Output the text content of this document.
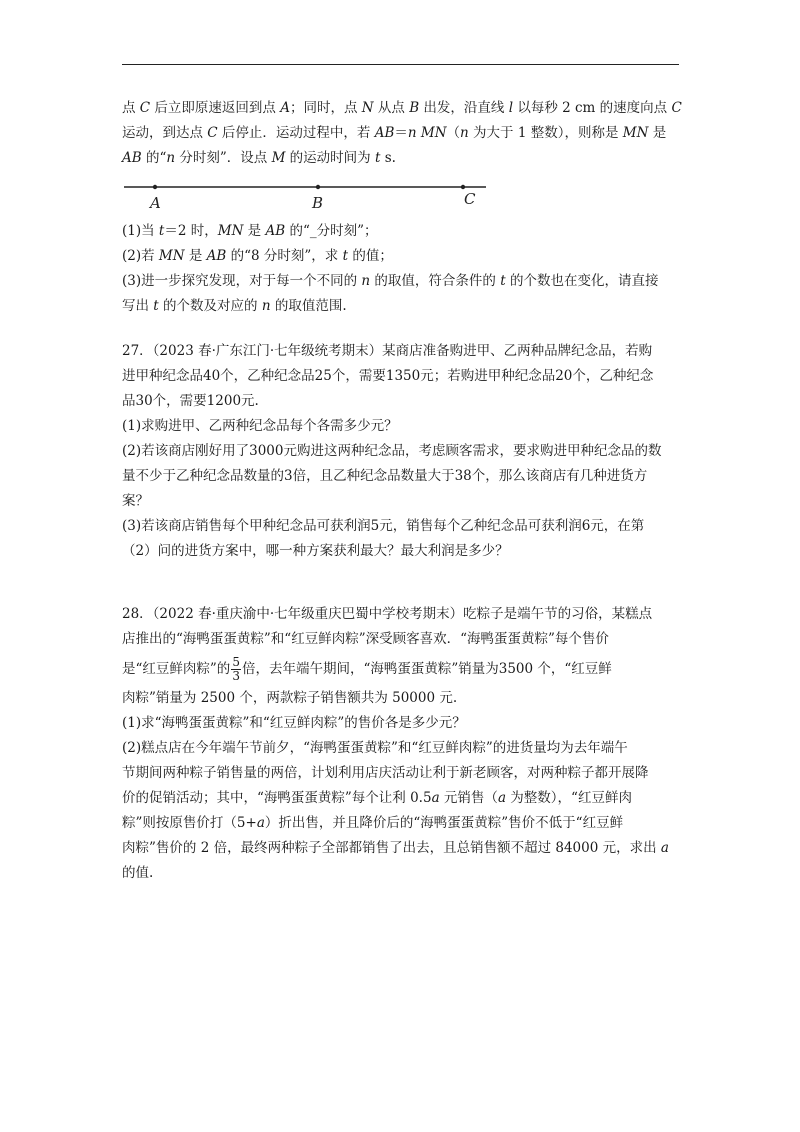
点 C 后立即原速返回到点 A；同时，点 N 从点 B 出发，沿直线 l 以每秒 2 cm 的速度向点 C

运动，到达点 C 后停止．运动过程中，若 AB＝n MN（n 为大于 1 整数），则称是 MN 是

AB 的“n 分时刻”．设点 M 的运动时间为 t s.

A	B	C

(1)当 t＝2 时，MN 是 AB 的“_分时刻”；

(2)若 MN 是 AB 的“8 分时刻”，求 t 的值；

(3)进一步探究发现，对于每一个不同的 n 的取值，符合条件的 t 的个数也在变化，请直接

写出 t 的个数及对应的 n 的取值范围.

27．（2023 春·广东江门·七年级统考期末）某商店准备购进甲、乙两种品牌纪念品，若购

进甲种纪念品40个，乙种纪念品25个，需要1350元；若购进甲种纪念品20个，乙种纪念

品30个，需要1200元.

(1)求购进甲、乙两种纪念品每个各需多少元？

(2)若该商店刚好用了3000元购进这两种纪念品，考虑顾客需求，要求购进甲种纪念品的数

量不少于乙种纪念品数量的3倍，且乙种纪念品数量大于38个，那么该商店有几种进货方

案？

(3)若该商店销售每个甲种纪念品可获利润5元，销售每个乙种纪念品可获利润6元，在第

（2）问的进货方案中，哪一种方案获利最大？最大利润是多少？

28．（2022 春·重庆渝中·七年级重庆巴蜀中学校考期末）吃粽子是端午节的习俗，某糕点

店推出的“海鸭蛋蛋黄粽”和“红豆鲜肉粽”深受顾客喜欢．“海鸭蛋蛋黄粽”每个售价

是“红豆鲜肉粽”的 $\frac{5}{3}$ 倍，去年端午期间，“海鸭蛋蛋黄粽”销量为3500 个，“红豆鲜

肉粽”销量为 2500 个，两款粽子销售额共为 50000 元.

(1)求“海鸭蛋蛋黄粽”和“红豆鲜肉粽”的售价各是多少元？

(2)糕点店在今年端午节前夕，“海鸭蛋蛋黄粽”和“红豆鲜肉粽”的进货量均为去年端午

节期间两种粽子销售量的两倍，计划利用店庆活动让利于新老顾客，对两种粽子都开展降

价的促销活动；其中，“海鸭蛋蛋黄粽”每个让利 0.5a 元销售（a 为整数），“红豆鲜肉

粽”则按原售价打（5+a）折出售，并且降价后的“海鸭蛋蛋黄粽”售价不低于“红豆鲜

肉粽”售价的 2 倍，最终两种粽子全部都销售了出去，且总销售额不超过 84000 元，求出 a

的值.
